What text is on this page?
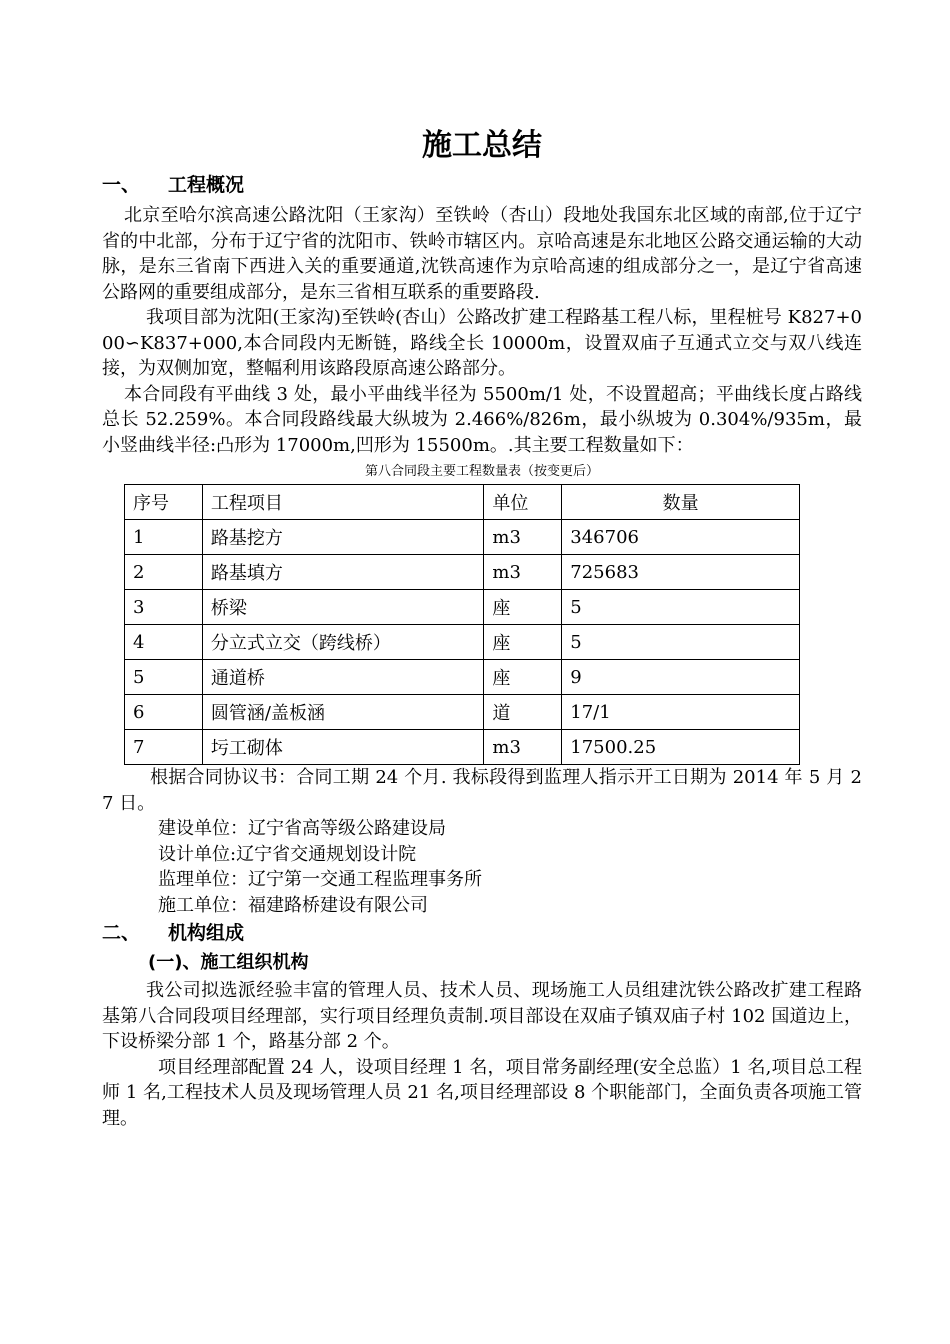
施工总结
一、	工程概况

北京至哈尔滨高速公路沈阳（王家沟）至铁岭（杏山）段地处我国东北区域的南部,位于辽宁省的中北部，分布于辽宁省的沈阳市、铁岭市辖区内。京哈高速是东北地区公路交通运输的大动脉，是东三省南下西进入关的重要通道,沈铁高速作为京哈高速的组成部分之一，是辽宁省高速公路网的重要组成部分，是东三省相互联系的重要路段.

我项目部为沈阳(王家沟)至铁岭(杏山）公路改扩建工程路基工程八标，里程桩号 K827+000∽K837+000,本合同段内无断链，路线全长 10000m，设置双庙子互通式立交与双八线连接，为双侧加宽，整幅利用该路段原高速公路部分。

本合同段有平曲线 3 处，最小平曲线半径为 5500m/1 处，不设置超高；平曲线长度占路线总长 52.259%。本合同段路线最大纵坡为 2.466%/826m，最小纵坡为 0.304%/935m，最小竖曲线半径:凸形为 17000m,凹形为 15500m。.其主要工程数量如下：

第八合同段主要工程数量表（按变更后）
序号	工程项目	单位	数量
1	路基挖方	m3	346706
2	路基填方	m3	725683
3	桥梁	座	5
4	分立式立交（跨线桥）	座	5
5	通道桥	座	9
6	圆管涵/盖板涵	道	17/1
7	圬工砌体	m3	17500.25

根据合同协议书：合同工期 24 个月. 我标段得到监理人指示开工日期为 2014 年 5 月 27 日。

建设单位：辽宁省高等级公路建设局
设计单位:辽宁省交通规划设计院
监理单位：辽宁第一交通工程监理事务所
施工单位：福建路桥建设有限公司
二、	机构组成
(一)、施工组织机构

我公司拟选派经验丰富的管理人员、技术人员、现场施工人员组建沈铁公路改扩建工程路基第八合同段项目经理部，实行项目经理负责制.项目部设在双庙子镇双庙子村 102 国道边上，下设桥梁分部 1 个，路基分部 2 个。

项目经理部配置 24 人，设项目经理 1 名，项目常务副经理(安全总监）1 名,项目总工程师 1 名,工程技术人员及现场管理人员 21 名,项目经理部设 8 个职能部门，全面负责各项施工管理。
